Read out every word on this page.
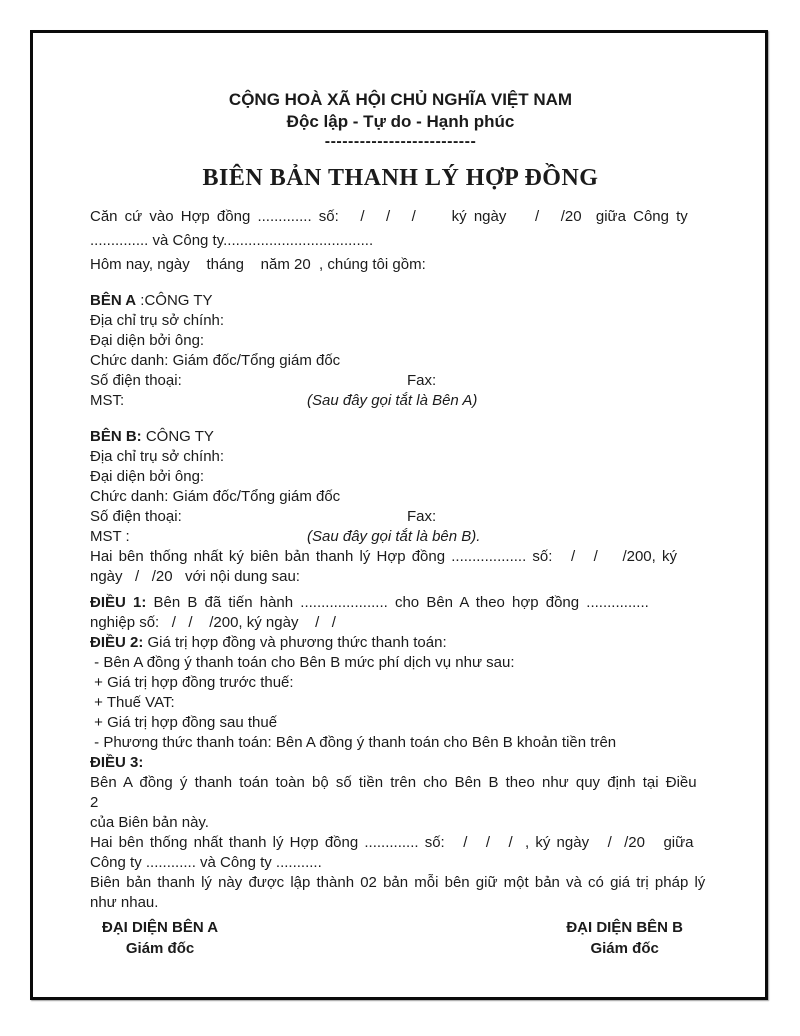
CỘNG HOÀ XÃ HỘI CHỦ NGHĨA VIỆT NAM
Độc lập - Tự do - Hạnh phúc
--------------------------
BIÊN BẢN THANH LÝ HỢP ĐỒNG
Căn cứ vào Hợp đồng ............. số:   /   /   /     ký ngày    /   /20  giữa Công ty
.............. và Công ty....................................
Hôm nay, ngày    tháng    năm 20  , chúng tôi gồm:
BÊN A :CÔNG TY
Địa chỉ trụ sở chính:
Đại diện bởi ông:
Chức danh: Giám đốc/Tổng giám đốc
Số điện thoại:	Fax:
MST:	(Sau đây gọi tắt là Bên A)
BÊN B: CÔNG TY
Địa chỉ trụ sở chính:
Đại diện bởi ông:
Chức danh: Giám đốc/Tổng giám đốc
Số điện thoại:	Fax:
MST :	(Sau đây gọi tắt là bên B).
Hai bên thống nhất ký biên bản thanh lý Hợp đồng .................. số:   /   /    /200, ký
ngày   /   /20   với nội dung sau:
ĐIỀU 1: Bên B đã tiến hành ..................... cho Bên A theo hợp đồng ...............
nghiệp số:   /   /    /200, ký ngày    /   /
ĐIỀU 2: Giá trị hợp đồng và phương thức thanh toán:
- Bên A đồng ý thanh toán cho Bên B mức phí dịch vụ như sau:
+ Giá trị hợp đồng trước thuế:
+ Thuế VAT:
+ Giá trị hợp đồng sau thuế
- Phương thức thanh toán: Bên A đồng ý thanh toán cho Bên B khoản tiền trên
ĐIỀU 3:
Bên A đồng ý thanh toán toàn bộ số tiền trên cho Bên B theo như quy định tại Điều 2
của Biên bản này.
Hai bên thống nhất thanh lý Hợp đồng ............. số:   /   /   /  , ký ngày   /  /20   giữa
Công ty ............ và Công ty ...........
Biên bản thanh lý này được lập thành 02 bản mỗi bên giữ một bản và có giá trị pháp lý
như nhau.
ĐẠI DIỆN BÊN A
Giám đốc
ĐẠI DIỆN BÊN B
Giám đốc
